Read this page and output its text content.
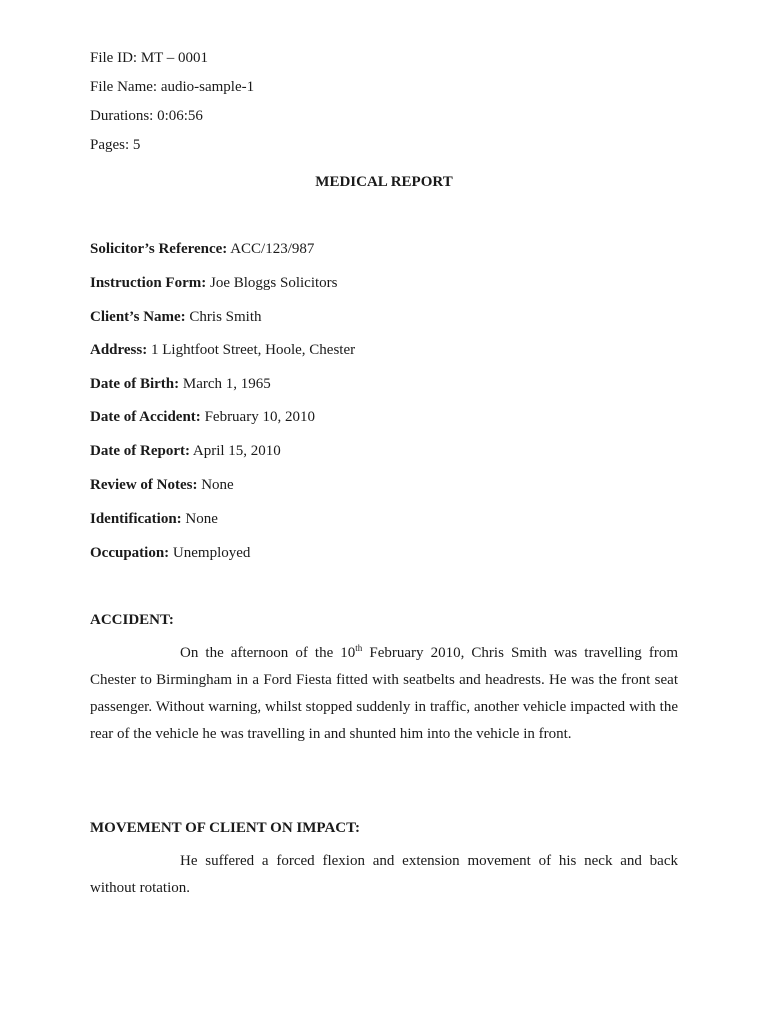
File ID: MT – 0001
File Name: audio-sample-1
Durations: 0:06:56
Pages: 5
MEDICAL REPORT
Solicitor’s Reference: ACC/123/987
Instruction Form: Joe Bloggs Solicitors
Client’s Name: Chris Smith
Address: 1 Lightfoot Street, Hoole, Chester
Date of Birth: March 1, 1965
Date of Accident: February 10, 2010
Date of Report: April 15, 2010
Review of Notes: None
Identification: None
Occupation: Unemployed
ACCIDENT:
On the afternoon of the 10th February 2010, Chris Smith was travelling from Chester to Birmingham in a Ford Fiesta fitted with seatbelts and headrests. He was the front seat passenger. Without warning, whilst stopped suddenly in traffic, another vehicle impacted with the rear of the vehicle he was travelling in and shunted him into the vehicle in front.
MOVEMENT OF CLIENT ON IMPACT:
He suffered a forced flexion and extension movement of his neck and back without rotation.
